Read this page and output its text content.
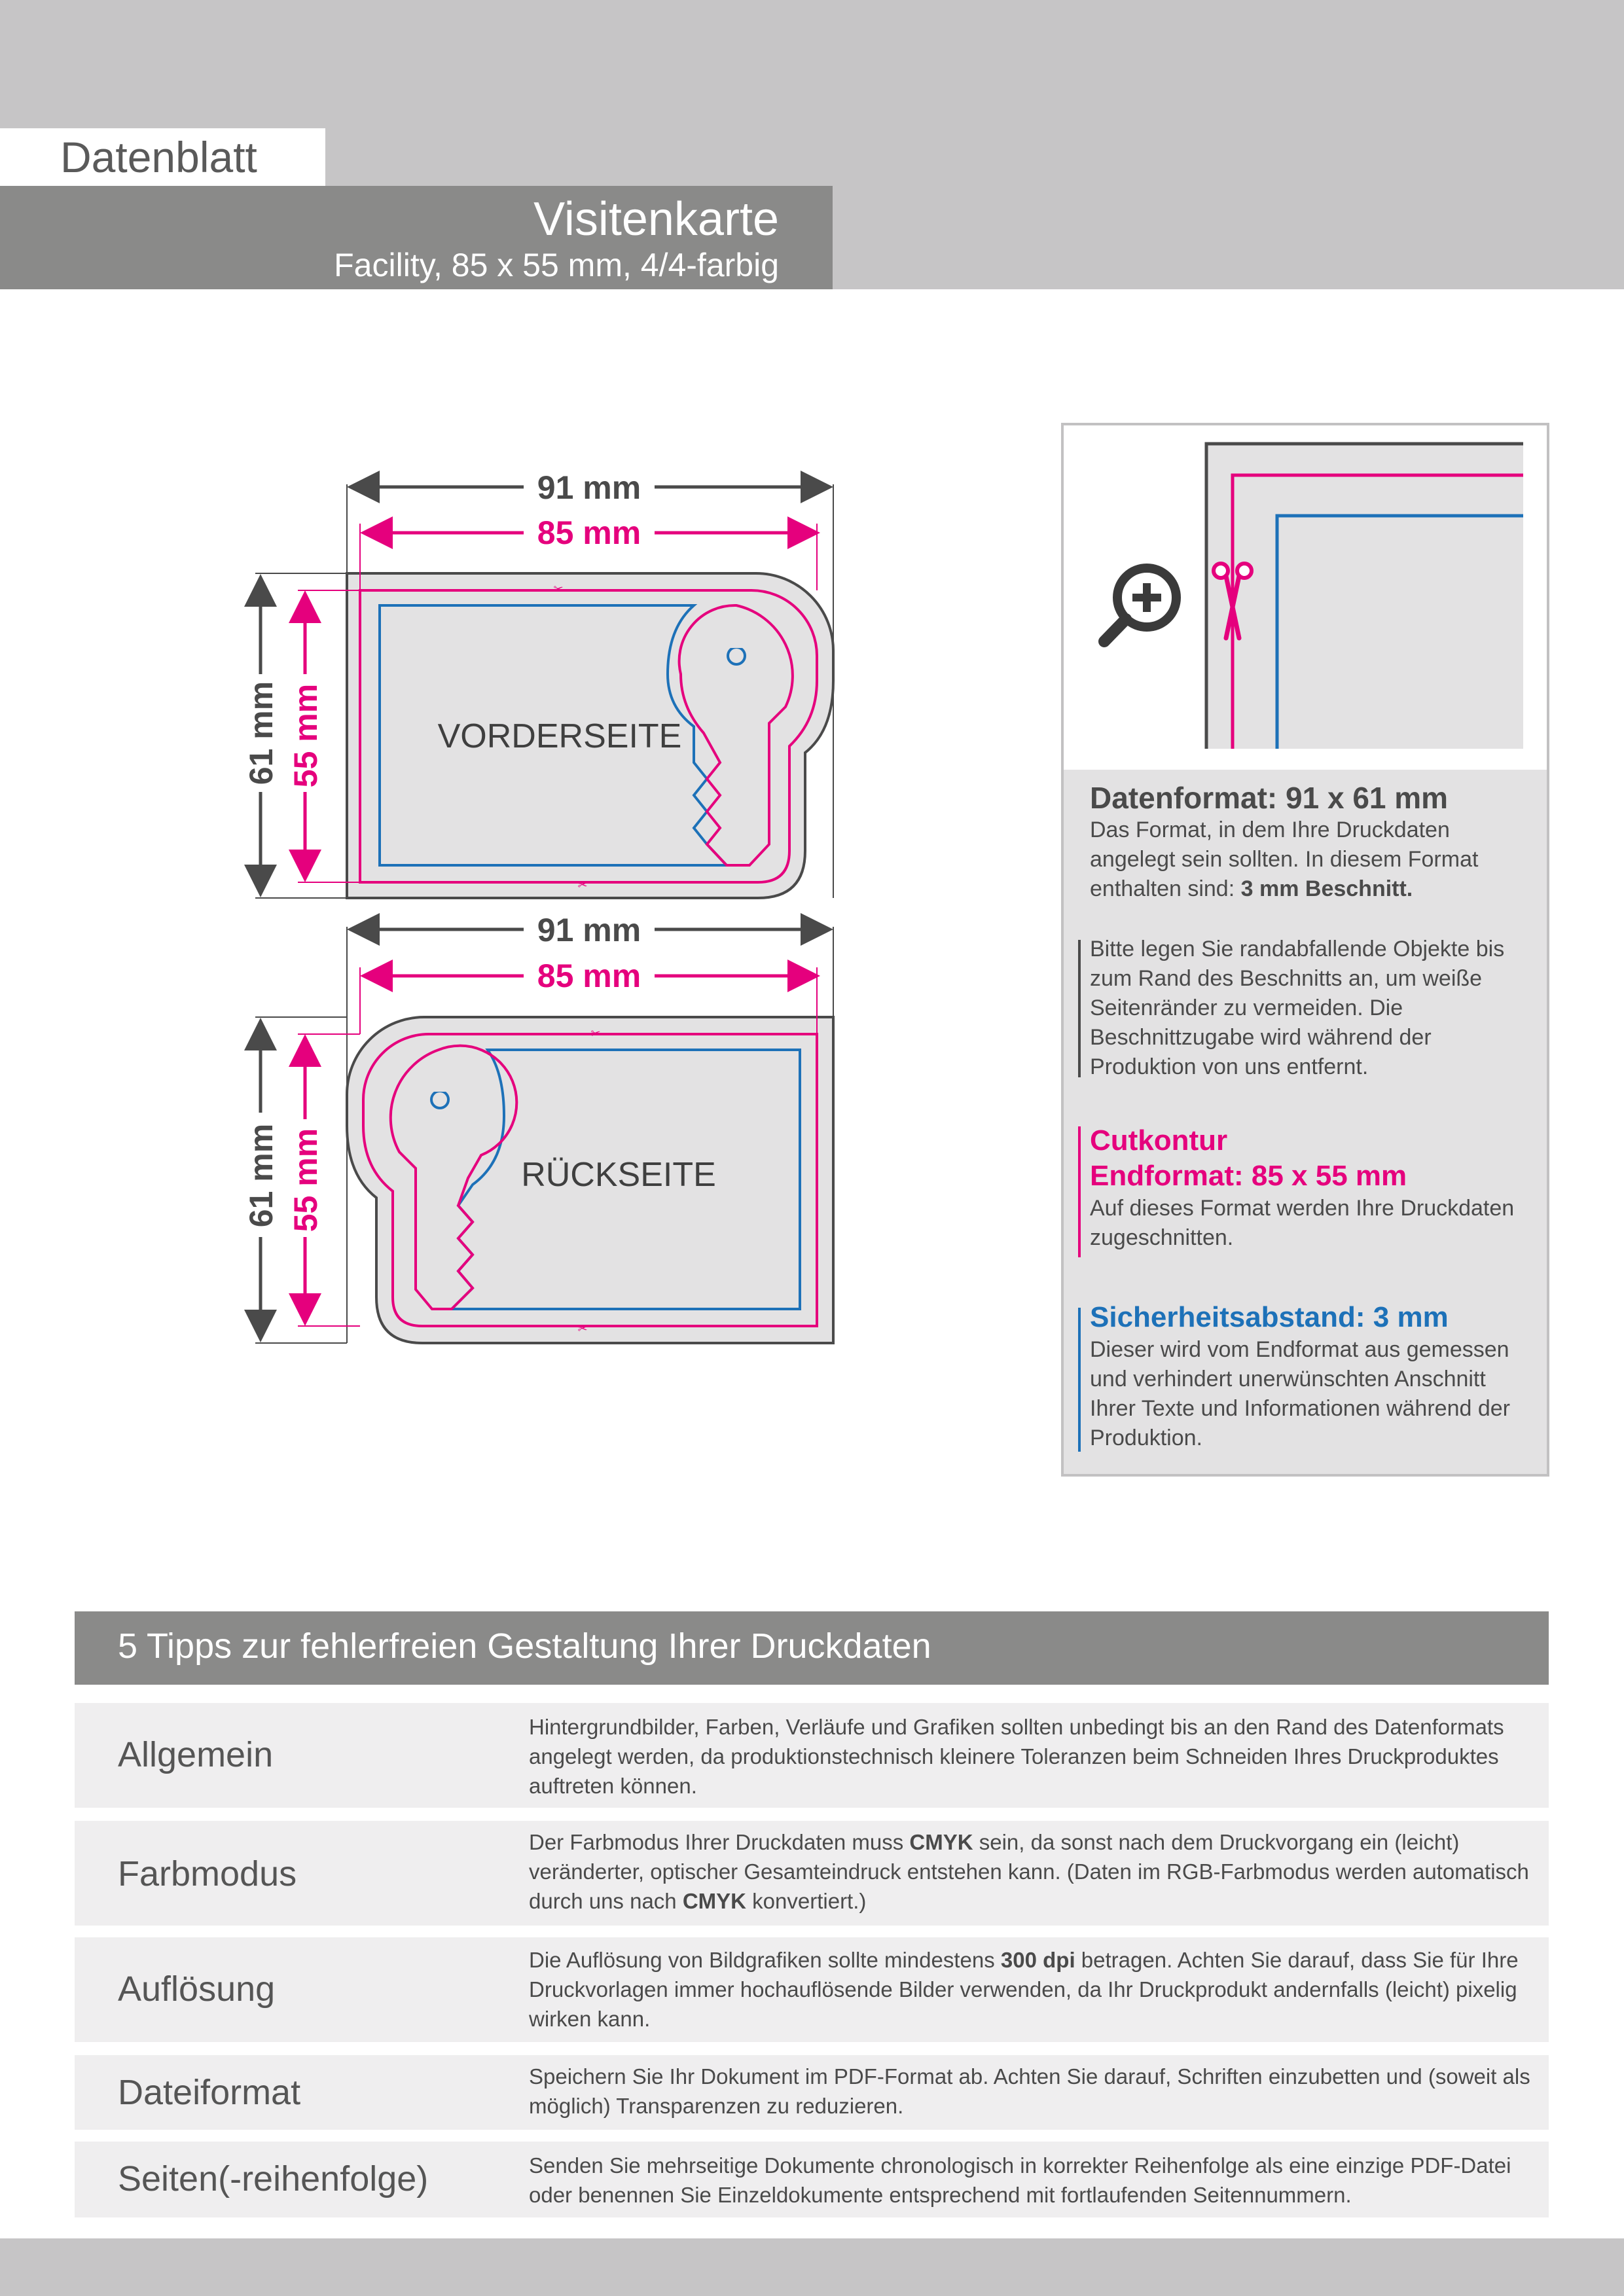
Datenblatt
Visitenkarte
Facility, 85 x 55 mm, 4/4-farbig
✂
✂
VORDERSEITE
91 mm
85 mm
61 mm 55 mm
✂
✂
RÜCKSEITE
91 mm
85 mm
61 mm 55 mm
Datenformat: 91 x 61 mm
Das Format, in dem Ihre Druckdaten angelegt sein sollten. In diesem Format enthalten sind: 3 mm Beschnitt.
Bitte legen Sie randabfallende Objekte bis zum Rand des Beschnitts an, um weiße Seitenränder zu vermeiden. Die Beschnittzugabe wird während der Produktion von uns entfernt.
Cutkontur
Endformat: 85 x 55 mm
Auf dieses Format werden Ihre Druckdaten zugeschnitten.
Sicherheitsabstand: 3 mm
Dieser wird vom Endformat aus gemessen und verhindert unerwünschten Anschnitt Ihrer Texte und Informationen während der Produktion.
5 Tipps zur fehlerfreien Gestaltung Ihrer Druckdaten
Allgemein
Hintergrundbilder, Farben, Verläufe und Grafiken sollten unbedingt bis an den Rand des Datenformats angelegt werden, da produktionstechnisch kleinere Toleranzen beim Schneiden Ihres Druckproduktes auftreten können.
Farbmodus
Der Farbmodus Ihrer Druckdaten muss CMYK sein, da sonst nach dem Druckvorgang ein (leicht) veränderter, optischer Gesamteindruck entstehen kann. (Daten im RGB-Farbmodus werden automatisch durch uns nach CMYK konvertiert.)
Auflösung
Die Auflösung von Bildgrafiken sollte mindestens 300 dpi betragen. Achten Sie darauf, dass Sie für Ihre Druckvorlagen immer hochauflösende Bilder verwenden, da Ihr Druckprodukt andernfalls (leicht) pixelig wirken kann.
Dateiformat	Speichern Sie Ihr Dokument im PDF-Format ab. Achten Sie darauf, Schriften einzubetten und (soweit als möglich) Transparenzen zu reduzieren.
Seiten(-reihenfolge)	Senden Sie mehrseitige Dokumente chronologisch in korrekter Reihenfolge als eine einzige PDF-Datei oder benennen Sie Einzeldokumente entsprechend mit fortlaufenden Seitennummern.
